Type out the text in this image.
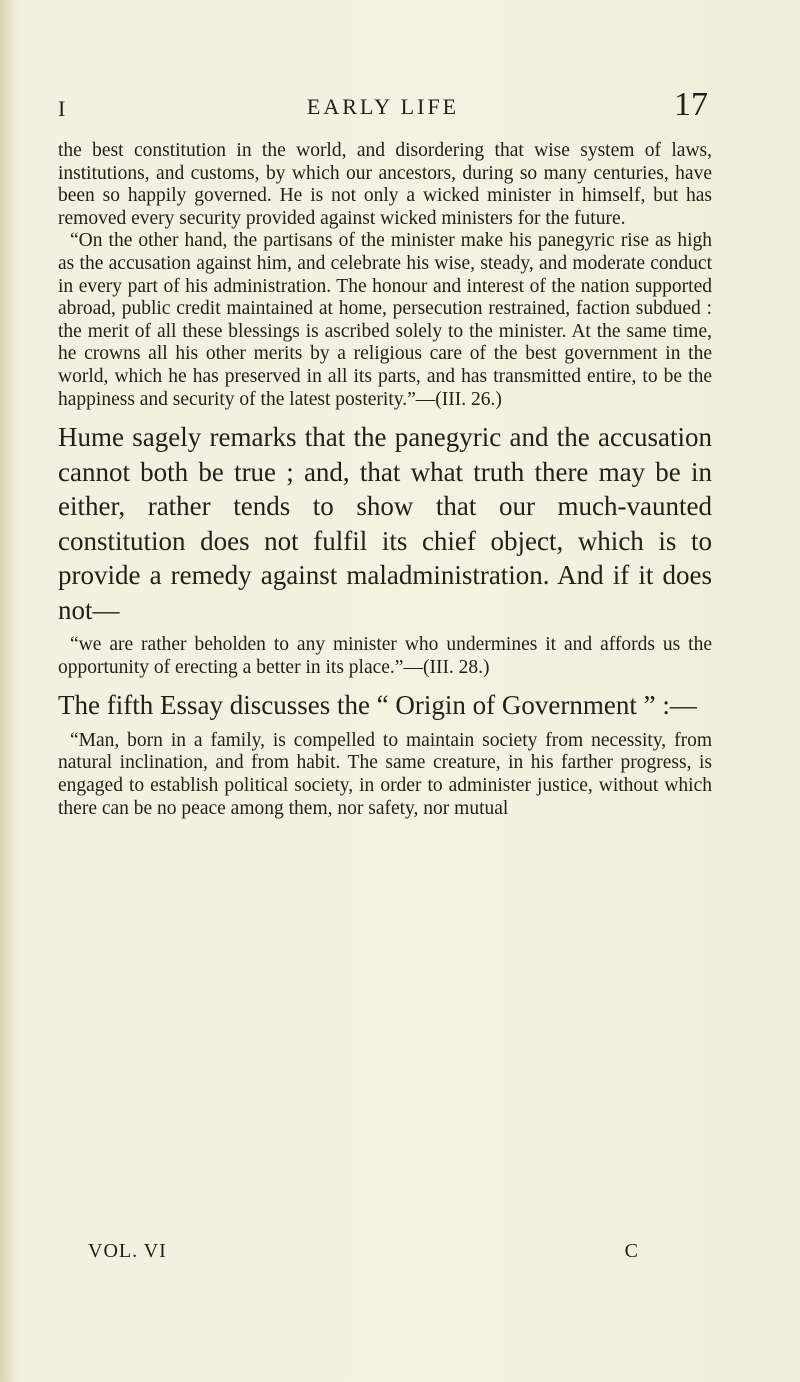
I	EARLY LIFE	17

the best constitution in the world, and disordering that wise system of laws, institutions, and customs, by which our ancestors, during so many centuries, have been so happily governed. He is not only a wicked minister in himself, but has removed every security provided against wicked ministers for the future.

“On the other hand, the partisans of the minister make his panegyric rise as high as the accusation against him, and celebrate his wise, steady, and moderate conduct in every part of his administration. The honour and interest of the nation supported abroad, public credit maintained at home, persecution restrained, faction subdued : the merit of all these blessings is ascribed solely to the minister. At the same time, he crowns all his other merits by a religious care of the best government in the world, which he has preserved in all its parts, and has transmitted entire, to be the happiness and security of the latest posterity.”—(III. 26.)

Hume sagely remarks that the panegyric and the accusation cannot both be true ; and, that what truth there may be in either, rather tends to show that our much-vaunted constitution does not fulfil its chief object, which is to provide a remedy against maladministration. And if it does not—

“we are rather beholden to any minister who undermines it and affords us the opportunity of erecting a better in its place.”—(III. 28.)

The fifth Essay discusses the “ Origin of Government ” :—

“Man, born in a family, is compelled to maintain society from necessity, from natural inclination, and from habit. The same creature, in his farther progress, is engaged to establish political society, in order to administer justice, without which there can be no peace among them, nor safety, nor mutual

VOL. VI	C
